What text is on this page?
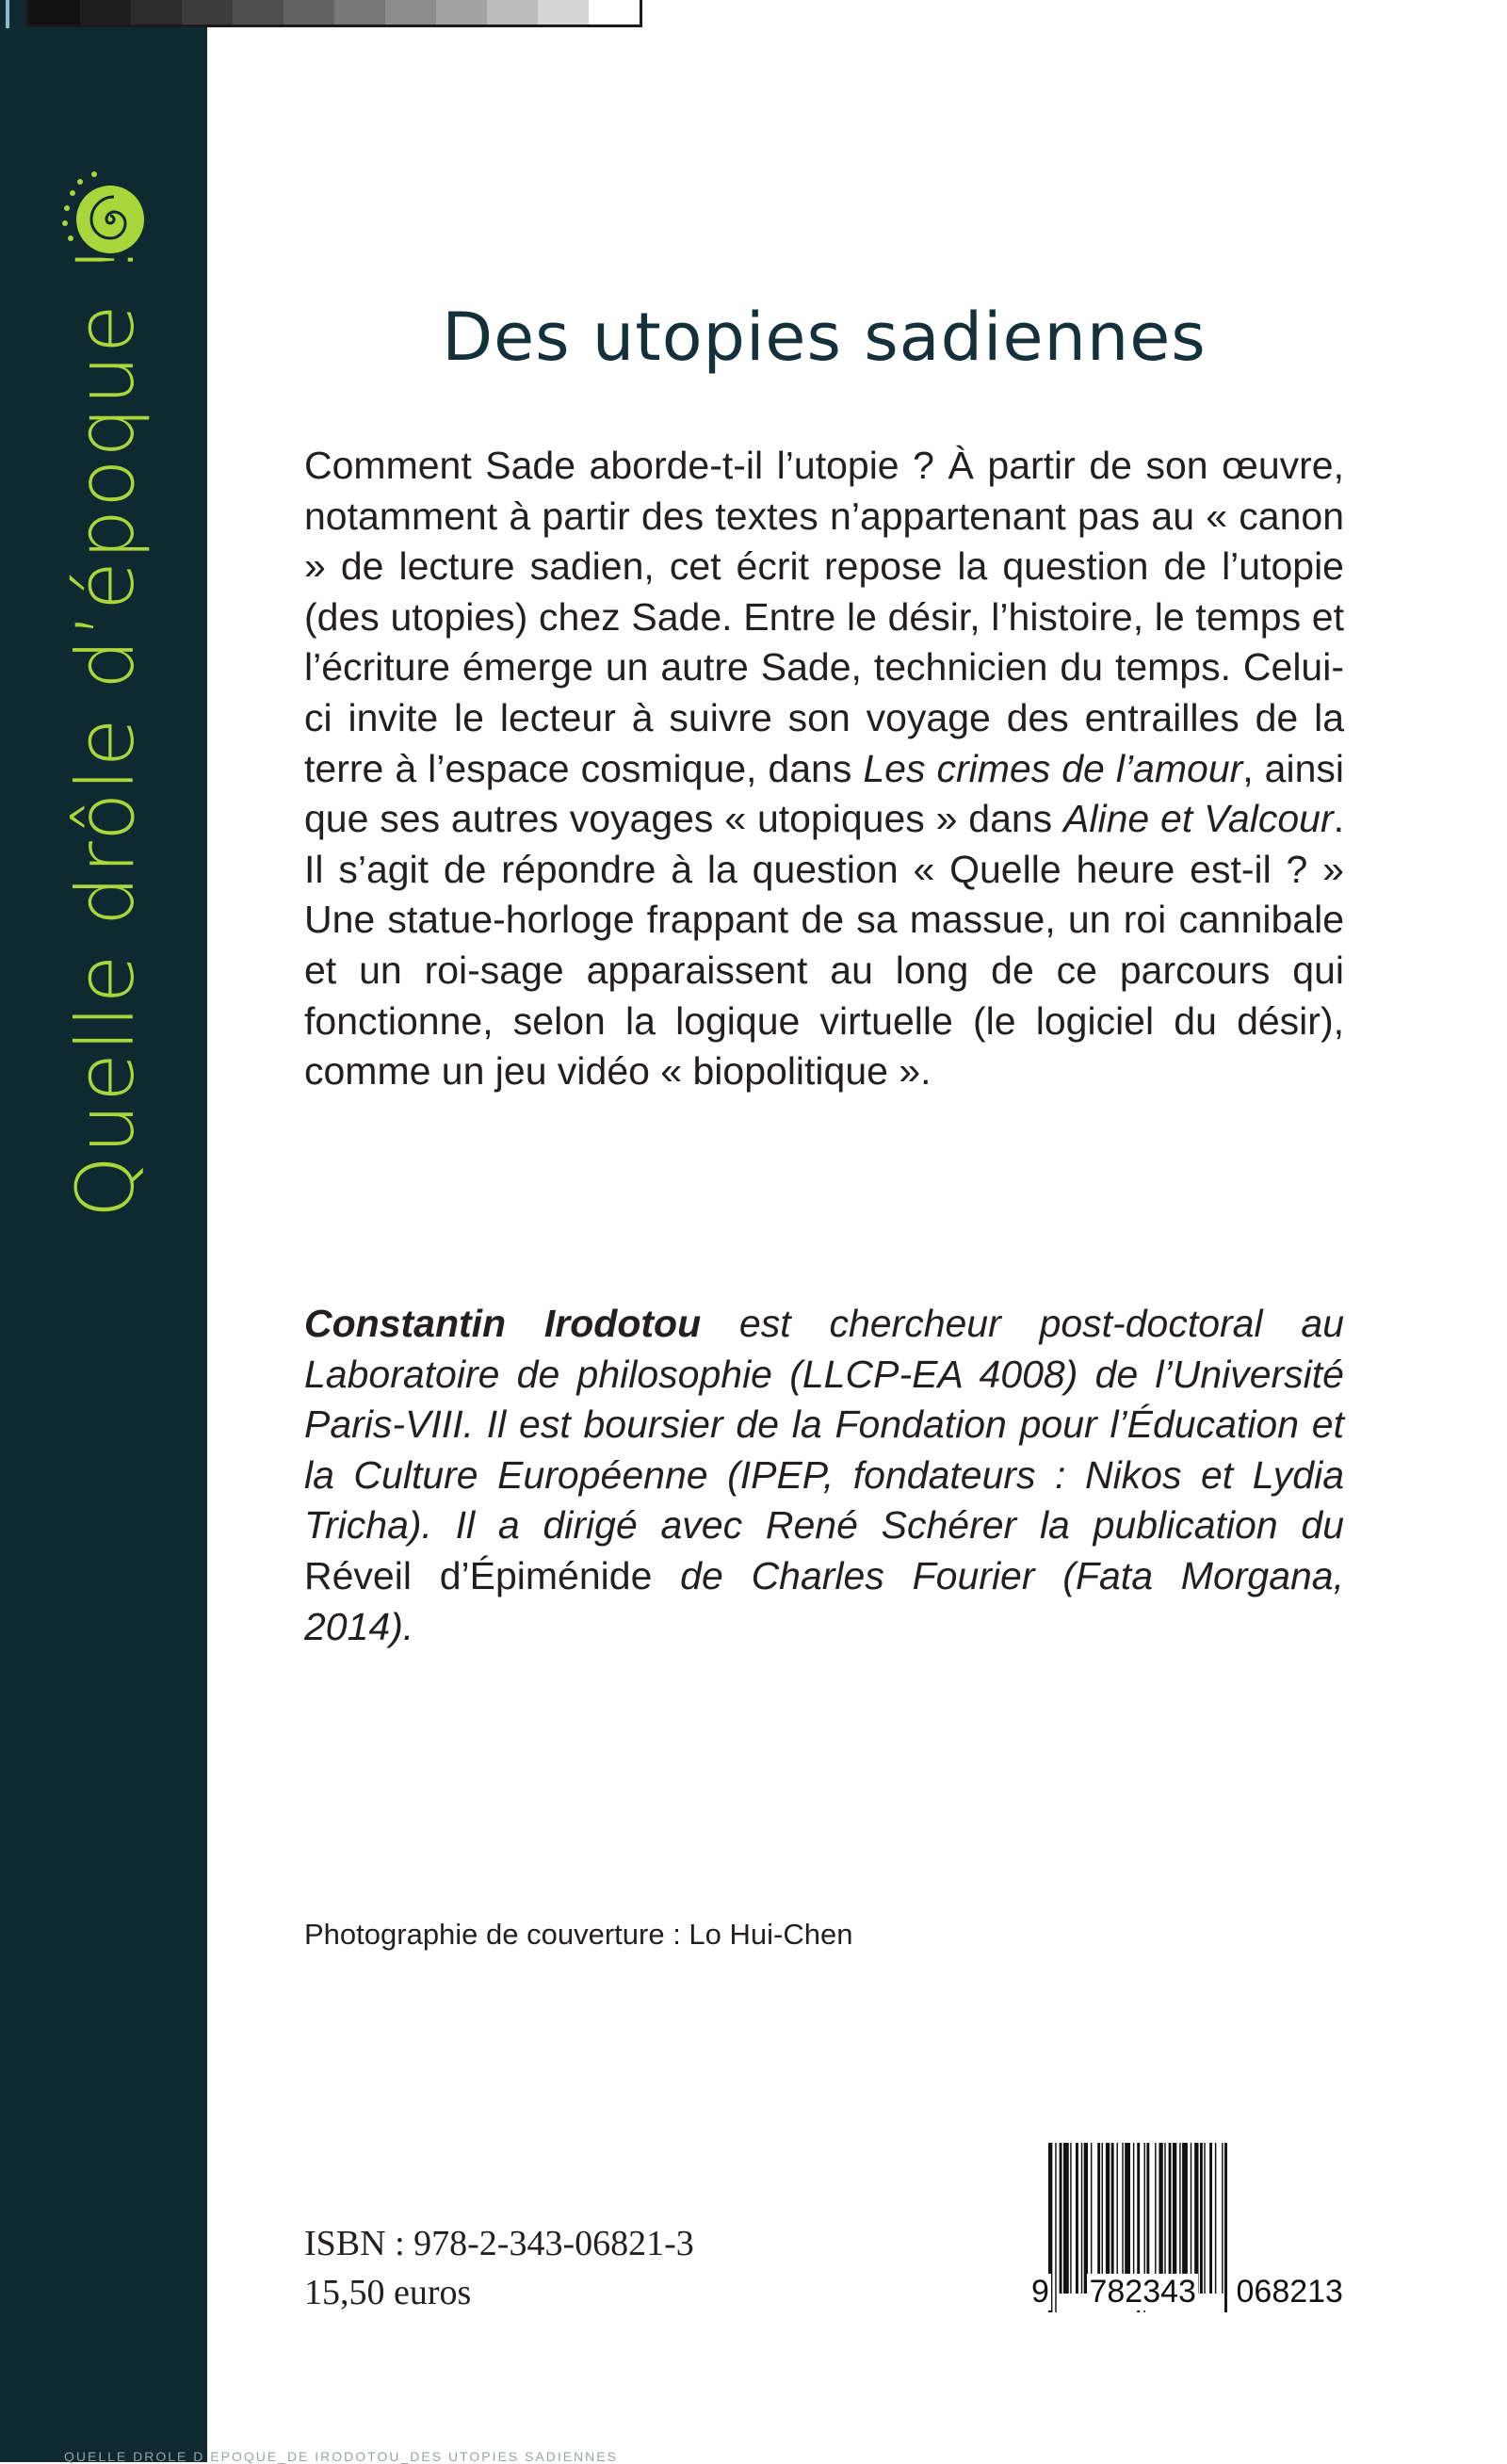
Quelle drôle d’époque !	Des utopies sadiennes

Comment Sade aborde-t-il l’utopie ? À partir de son œuvre, notamment à partir des textes n’appartenant pas au « canon » de lecture sadien, cet écrit repose la question de l’utopie (des utopies) chez Sade. Entre le désir, l’histoire, le temps et l’écriture émerge un autre Sade, technicien du temps. Celui-ci invite le lecteur à suivre son voyage des entrailles de la terre à l’espace cosmique, dans Les crimes de l’amour, ainsi que ses autres voyages « utopiques » dans Aline et Valcour. Il s’agit de répondre à la question « Quelle heure est-il ? » Une statue-horloge frappant de sa massue, un roi cannibale et un roi-sage apparaissent au long de ce parcours qui fonctionne, selon la logique virtuelle (le logiciel du désir), comme un jeu vidéo « biopolitique ».

Constantin Irodotou est chercheur post-doctoral au Laboratoire de philosophie (LLCP-EA 4008) de l’Université Paris-VIII. Il est boursier de la Fondation pour l’Éducation et la Culture Européenne (IPEP, fondateurs : Nikos et Lydia Tricha). Il a dirigé avec René Schérer la publication du Réveil d’Épiménide de Charles Fourier (Fata Morgana, 2014).

Photographie de couverture : Lo Hui-Chen
ISBN : 978-2-343-06821-3
15,50 euros	9 782343 068213
QUELLE DROLE D EPOQUE_DE IRODOTOU_DES UTOPIES SADIENNES
